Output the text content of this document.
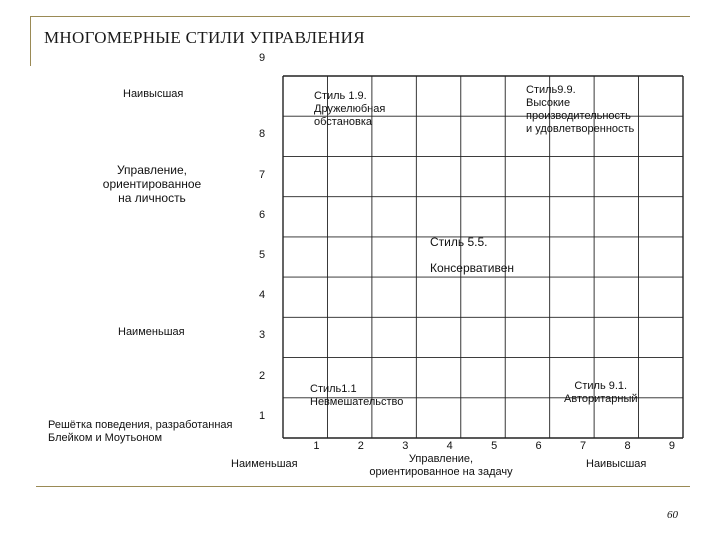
МНОГОМЕРНЫЕ СТИЛИ УПРАВЛЕНИЯ
1
2
3
4
5
6
7
8
9
1	2	3	4	5	6	7	8	9
Наивысшая
Наименьшая
Управление,
ориентированное
на личность
Наименьшая	Наивысшая
Управление,
ориентированное на задачу
Решётка поведения, разработанная
Блейком и Моутьоном
Стиль 1.9.
Дружелюбная
обстановка
Стиль9.9.
Высокие
производительность
и удовлетворенность
Стиль 5.5.
Консервативен
Стиль1.1
Невмешательство
Стиль 9.1.
Авторитарный
60
